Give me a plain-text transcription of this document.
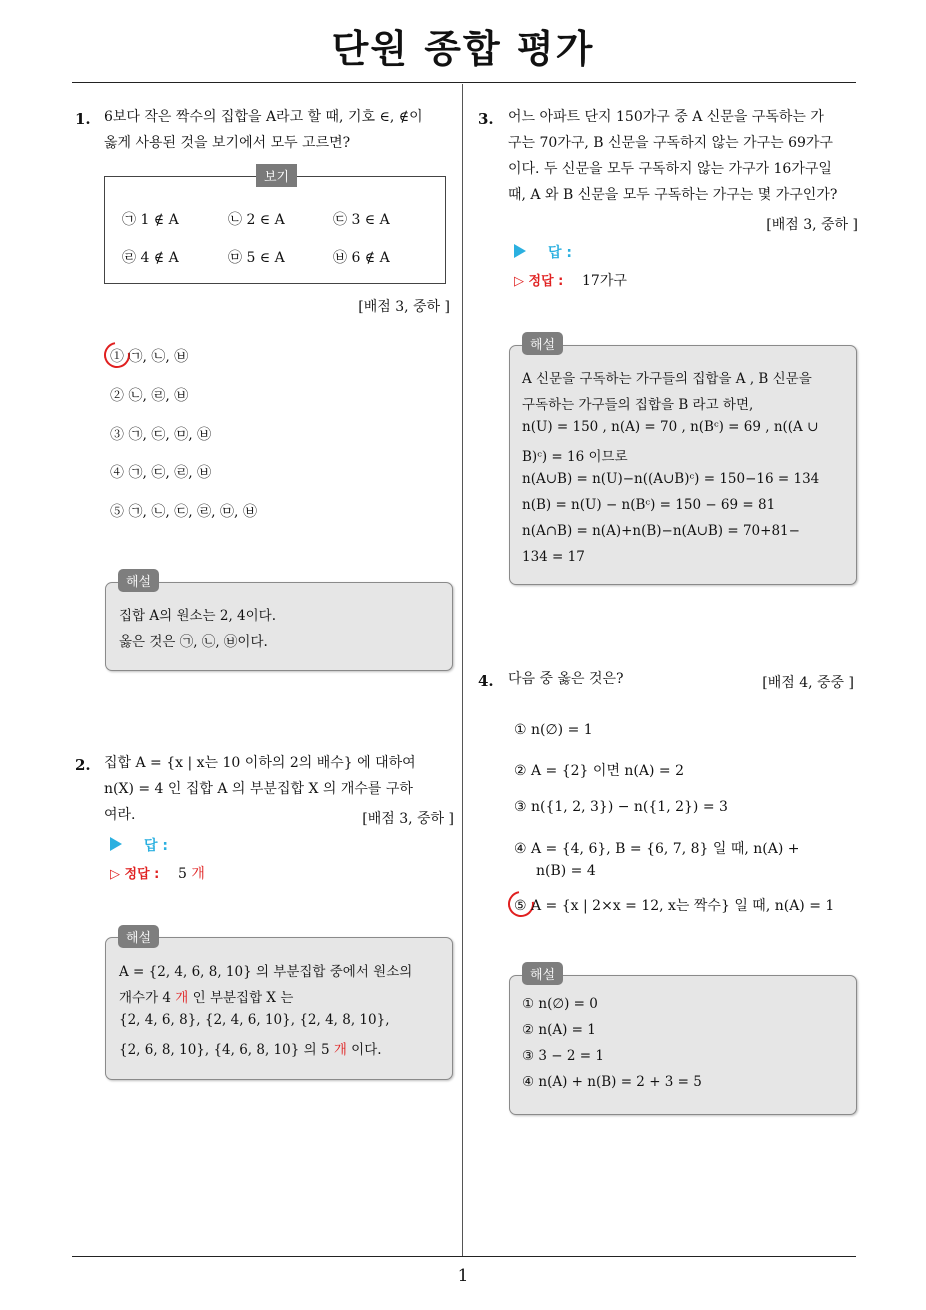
단원 종합 평가
1
1. 6보다 작은 짝수의 집합을 A라고 할 때, 기호 ∈, ∉이
옳게 사용된 것을 보기에서 모두 고르면?
보기
㉠ 1 ∉ A	㉡ 2 ∈ A	㉢ 3 ∈ A
㉣ 4 ∉ A	㉤ 5 ∈ A	㉥ 6 ∉ A
[배점 3, 중하 ]
① ㉠, ㉡, ㉥
② ㉡, ㉣, ㉥
③ ㉠, ㉢, ㉤, ㉥
④ ㉠, ㉢, ㉣, ㉥
⑤ ㉠, ㉡, ㉢, ㉣, ㉤, ㉥
해설
집합 A의 원소는 2, 4이다.
옳은 것은 ㉠, ㉡, ㉥이다.
2. 집합 A = {x | x는 10 이하의 2의 배수} 에 대하여
n(X) = 4 인 집합 A 의 부분집합 X 의 개수를 구하
여라.	[배점 3, 중하 ]
답 :
▷ 정답 : 5 개
해설
A = {2, 4, 6, 8, 10} 의 부분집합 중에서 원소의
개수가 4 개 인 부분집합 X 는
{2, 4, 6, 8}, {2, 4, 6, 10}, {2, 4, 8, 10},
{2, 6, 8, 10}, {4, 6, 8, 10} 의 5 개 이다.
3. 어느 아파트 단지 150가구 중 A 신문을 구독하는 가
구는 70가구, B 신문을 구독하지 않는 가구는 69가구
이다. 두 신문을 모두 구독하지 않는 가구가 16가구일
때, A 와 B 신문을 모두 구독하는 가구는 몇 가구인가?
[배점 3, 중하 ]
답 :
▷ 정답 : 17가구
해설
A 신문을 구독하는 가구들의 집합을 A , B 신문을
구독하는 가구들의 집합을 B 라고 하면,
n(U) = 150 , n(A) = 70 , n(Bᶜ) = 69 , n((A ∪
B)ᶜ) = 16 이므로
n(A∪B) = n(U)−n((A∪B)ᶜ) = 150−16 = 134
n(B) = n(U) − n(Bᶜ) = 150 − 69 = 81
n(A∩B) = n(A)+n(B)−n(A∪B) = 70+81−
134 = 17
4. 다음 중 옳은 것은?	[배점 4, 중중 ]
① n(∅) = 1
② A = {2} 이면 n(A) = 2
③ n({1, 2, 3}) − n({1, 2}) = 3
④ A = {4, 6}, B = {6, 7, 8} 일 때, n(A) +
n(B) = 4
⑤ A = {x | 2×x = 12, x는 짝수} 일 때, n(A) = 1
해설
① n(∅) = 0
② n(A) = 1
③ 3 − 2 = 1
④ n(A) + n(B) = 2 + 3 = 5
